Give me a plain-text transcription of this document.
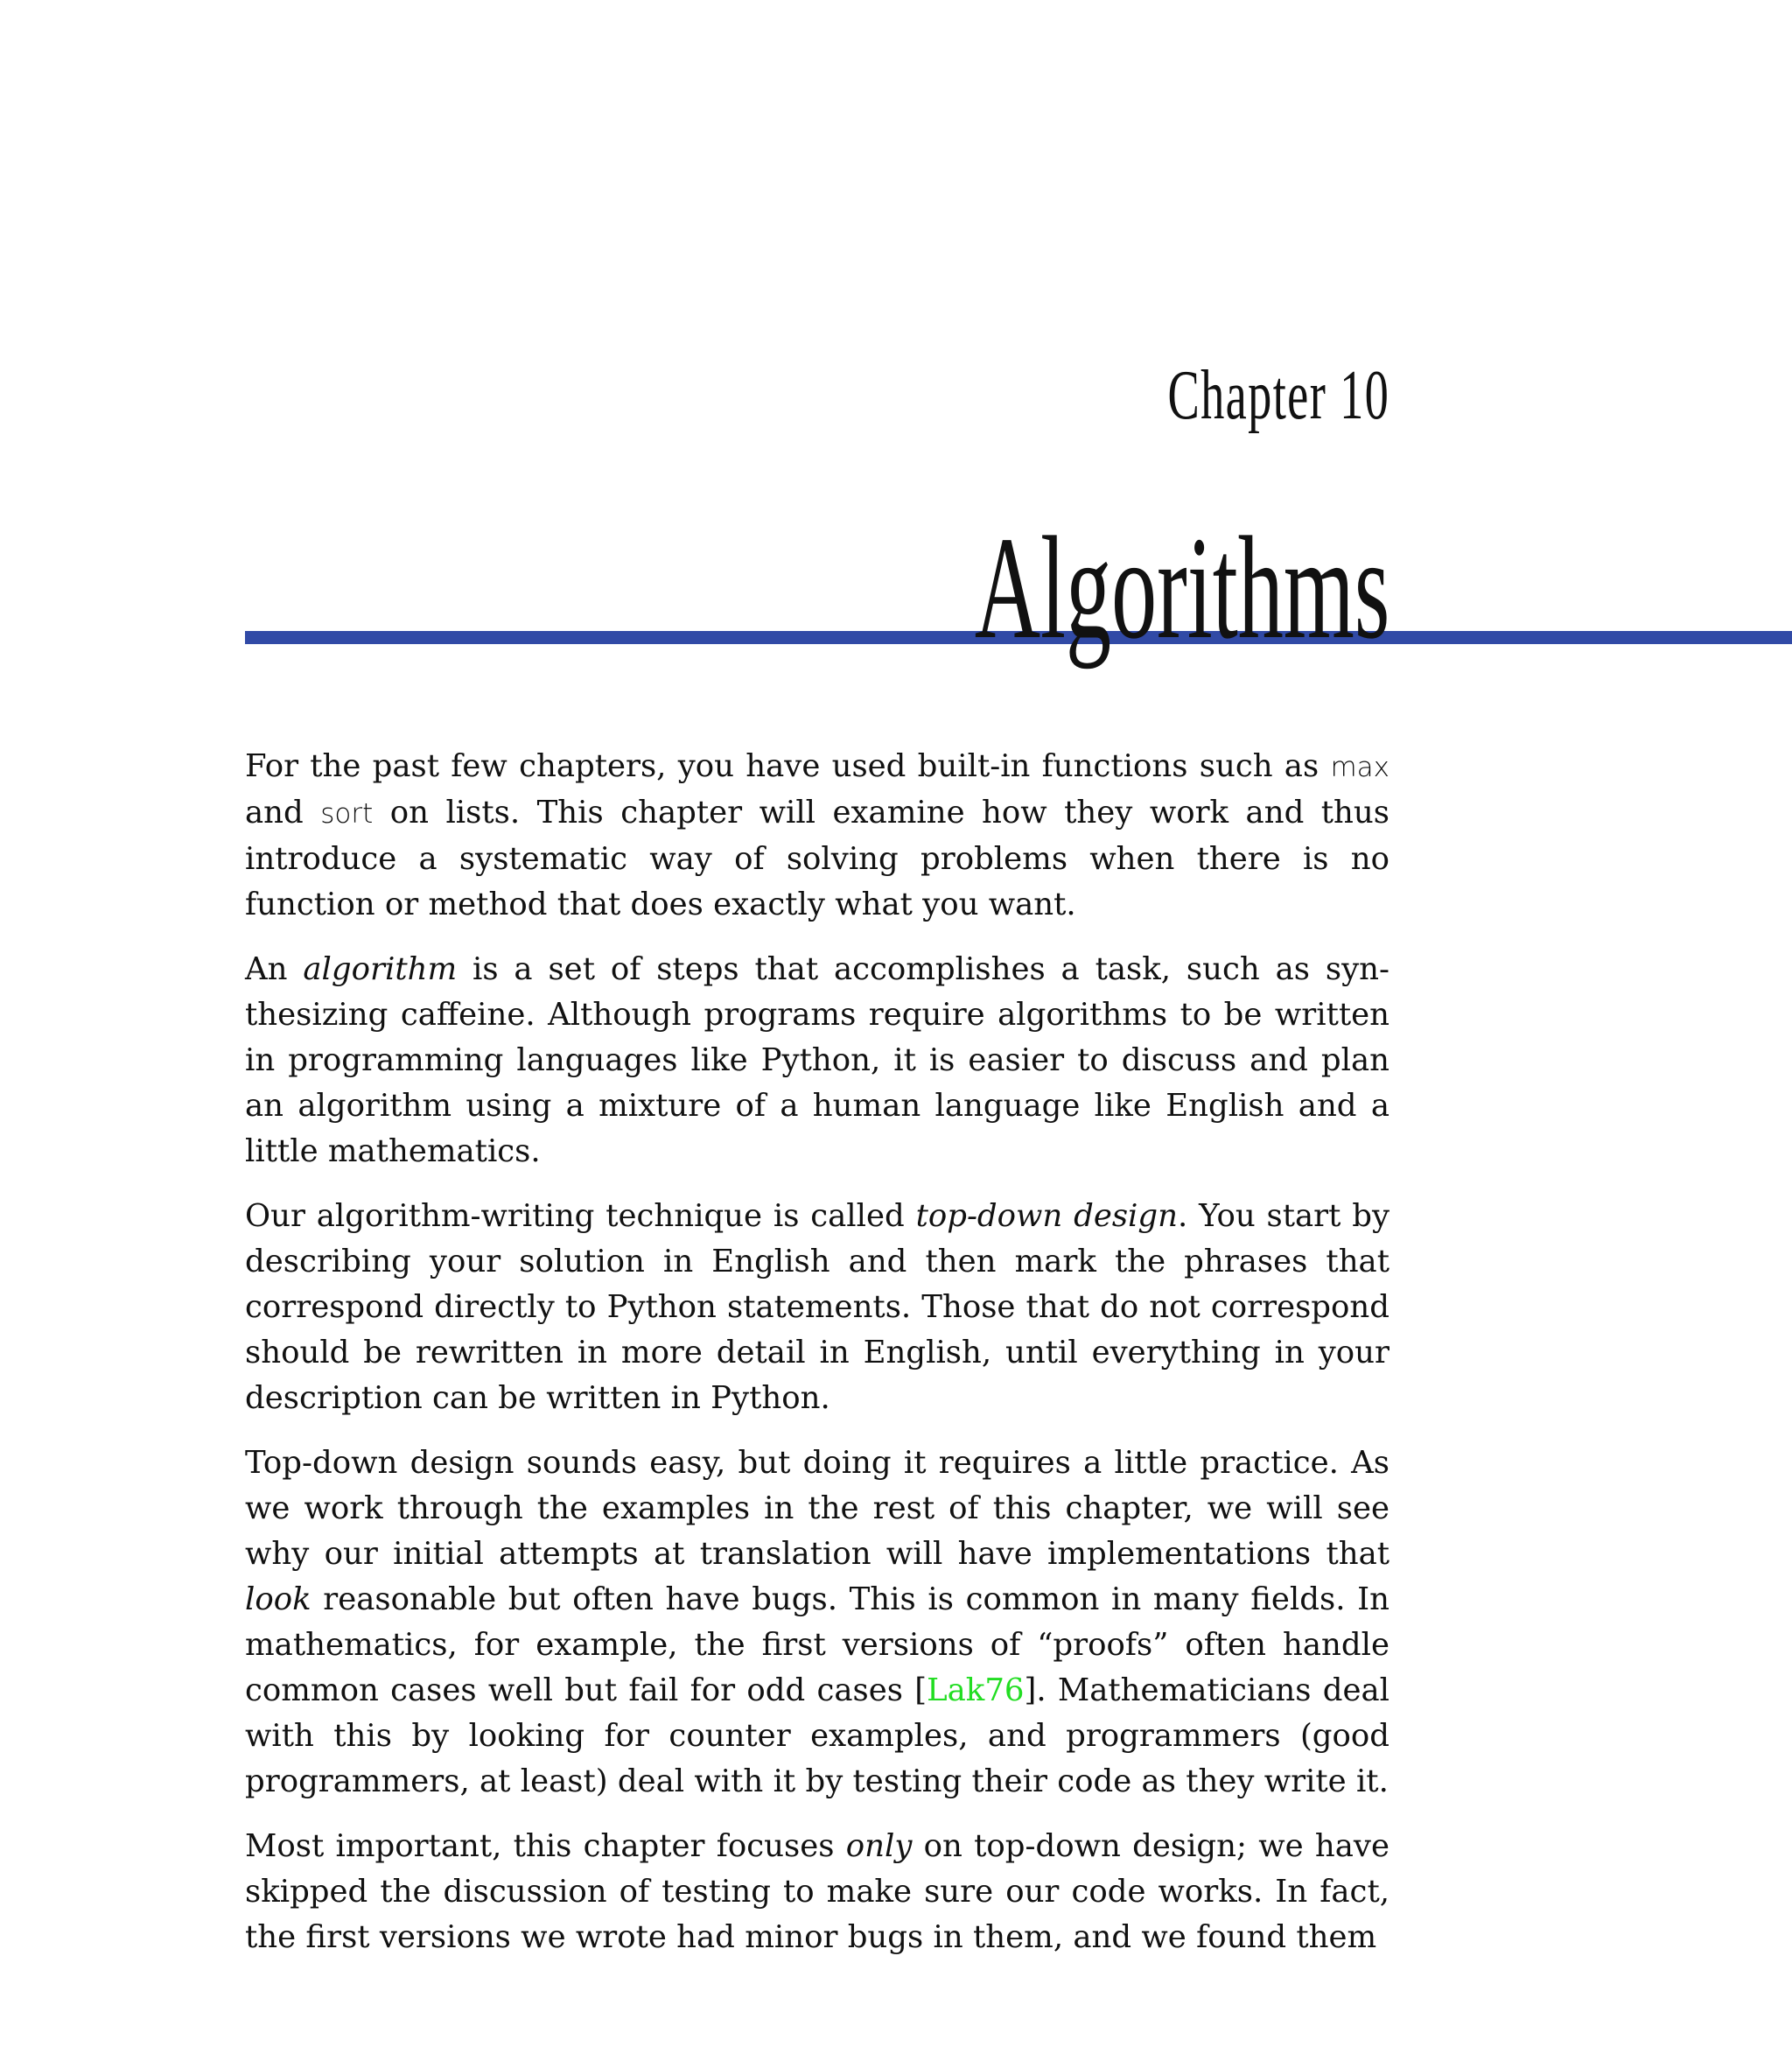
Chapter 10
Algorithms

For the past few chapters, you have used built-in functions such as max and sort on lists. This chapter will examine how they work and thus introduce a systematic way of solving problems when there is no function or method that does exactly what you want.

An algorithm is a set of steps that accomplishes a task, such as synthesizing caffeine. Although programs require algorithms to be written in programming languages like Python, it is easier to discuss and plan an algorithm using a mixture of a human language like English and a little mathematics.

Our algorithm-writing technique is called top-down design. You start by describing your solution in English and then mark the phrases that correspond directly to Python statements. Those that do not correspond should be rewritten in more detail in English, until everything in your description can be written in Python.

Top-down design sounds easy, but doing it requires a little practice. As we work through the examples in the rest of this chapter, we will see why our initial attempts at translation will have implementations that look reasonable but often have bugs. This is common in many fields. In mathematics, for example, the first versions of “proofs” often handle common cases well but fail for odd cases [Lak76]. Mathematicians deal with this by looking for counter examples, and programmers (good programmers, at least) deal with it by testing their code as they write it.

Most important, this chapter focuses only on top-down design; we have skipped the discussion of testing to make sure our code works. In fact, the first versions we wrote had minor bugs in them, and we found them
